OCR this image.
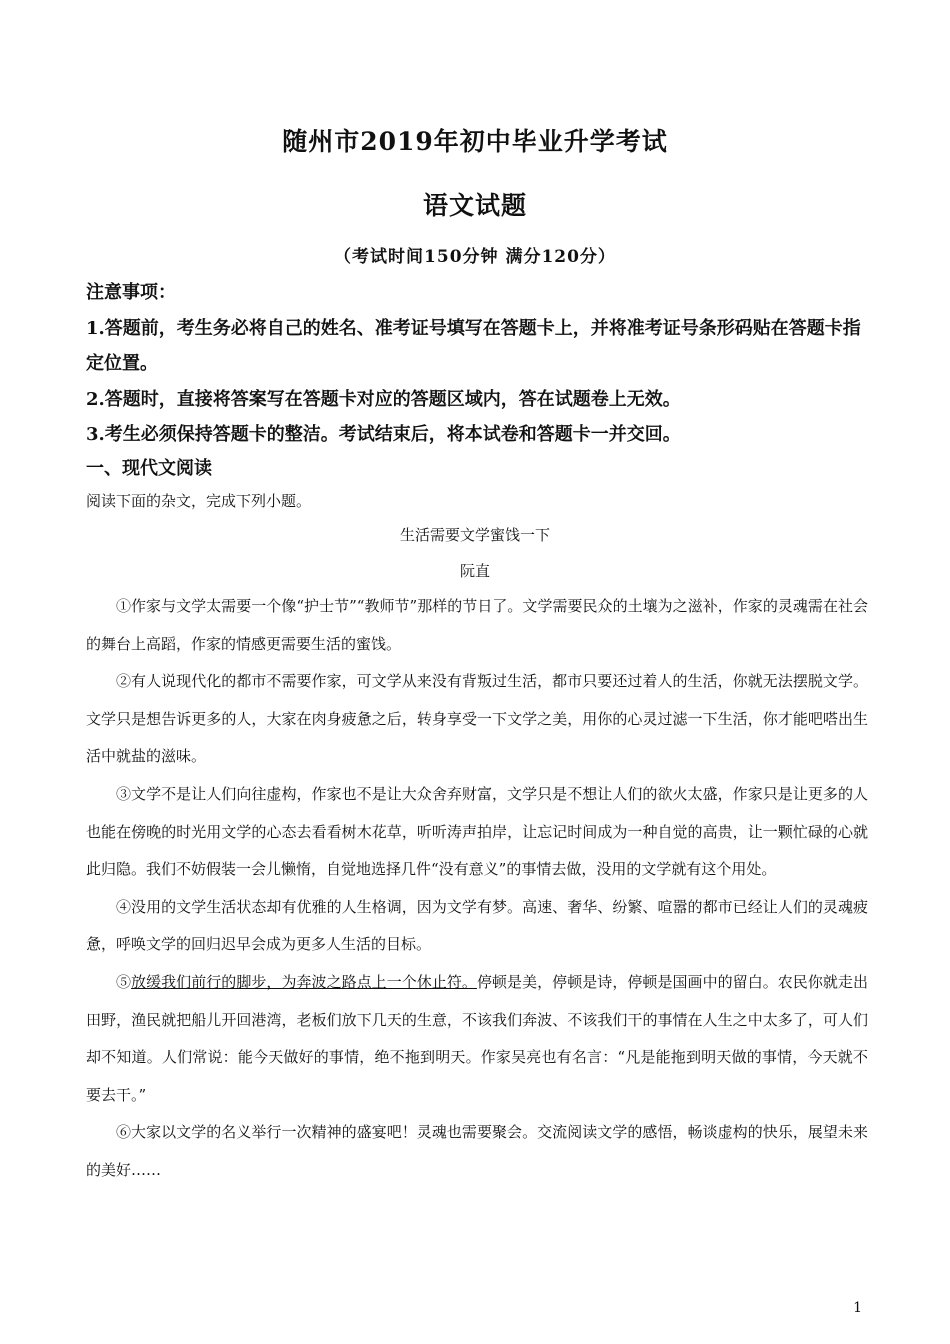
随州市2019年初中毕业升学考试
语文试题
（考试时间150分钟 满分120分）

注意事项：

1.答题前，考生务必将自己的姓名、准考证号填写在答题卡上，并将准考证号条形码贴在答题卡指定位置。

2.答题时，直接将答案写在答题卡对应的答题区域内，答在试题卷上无效。

3.考生必须保持答题卡的整洁。考试结束后，将本试卷和答题卡一并交回。

一、现代文阅读
阅读下面的杂文，完成下列小题。
生活需要文学蜜饯一下
阮直

①作家与文学太需要一个像“护士节”“教师节”那样的节日了。文学需要民众的土壤为之滋补，作家的灵魂需在社会的舞台上高蹈，作家的情感更需要生活的蜜饯。

②有人说现代化的都市不需要作家，可文学从来没有背叛过生活，都市只要还过着人的生活，你就无法摆脱文学。文学只是想告诉更多的人，大家在肉身疲惫之后，转身享受一下文学之美，用你的心灵过滤一下生活，你才能吧嗒出生活中就盐的滋味。

③文学不是让人们向往虚构，作家也不是让大众舍弃财富，文学只是不想让人们的欲火太盛，作家只是让更多的人也能在傍晚的时光用文学的心态去看看树木花草，听听涛声拍岸，让忘记时间成为一种自觉的高贵，让一颗忙碌的心就此归隐。我们不妨假装一会儿懒惰，自觉地选择几件“没有意义”的事情去做，没用的文学就有这个用处。

④没用的文学生活状态却有优雅的人生格调，因为文学有梦。高速、奢华、纷繁、喧嚣的都市已经让人们的灵魂疲惫，呼唤文学的回归迟早会成为更多人生活的目标。

⑤放缓我们前行的脚步，为奔波之路点上一个休止符。停顿是美，停顿是诗，停顿是国画中的留白。农民你就走出田野，渔民就把船儿开回港湾，老板们放下几天的生意，不该我们奔波、不该我们干的事情在人生之中太多了，可人们却不知道。人们常说：能今天做好的事情，绝不拖到明天。作家吴亮也有名言：“凡是能拖到明天做的事情，今天就不要去干。”

⑥大家以文学的名义举行一次精神的盛宴吧！灵魂也需要聚会。交流阅读文学的感悟，畅谈虚构的快乐，展望未来的美好……

1
